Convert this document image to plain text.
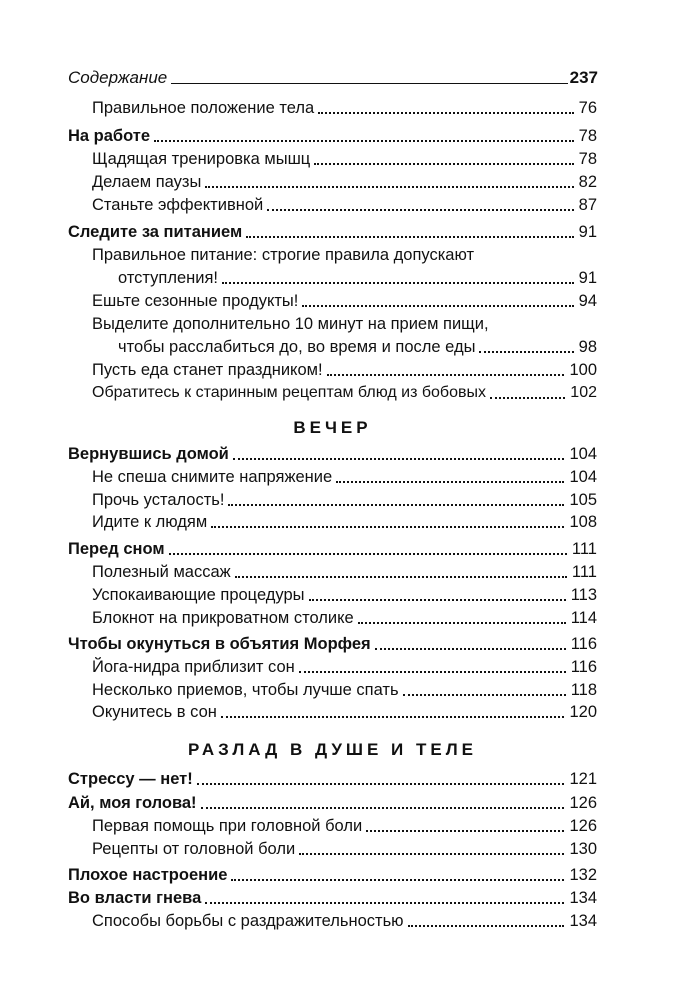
Содержание	237
Правильное положение тела	76
На работе	78
Щадящая тренировка мышц	78
Делаем паузы	82
Станьте эффективной	87
Следите за питанием	91
Правильное питание: строгие правила допускают
отступления!	91
Ешьте сезонные продукты!	94
Выделите дополнительно 10 минут на прием пищи,
чтобы расслабиться до, во время и после еды	98
Пусть еда станет праздником!	100
Обратитесь к старинным рецептам блюд из бобовых	102
ВЕЧЕР
Вернувшись домой	104
Не спеша снимите напряжение	104
Прочь усталость!	105
Идите к людям	108
Перед сном	111
Полезный массаж	111
Успокаивающие процедуры	113
Блокнот на прикроватном столике	114
Чтобы окунуться в объятия Морфея	116
Йога-нидра приблизит сон	116
Несколько приемов, чтобы лучше спать	118
Окунитесь в сон	120
РАЗЛАД В ДУШЕ И ТЕЛЕ
Стрессу — нет!	121
Ай, моя голова!	126
Первая помощь при головной боли	126
Рецепты от головной боли	130
Плохое настроение	132
Во власти гнева	134
Способы борьбы с раздражительностью	134
